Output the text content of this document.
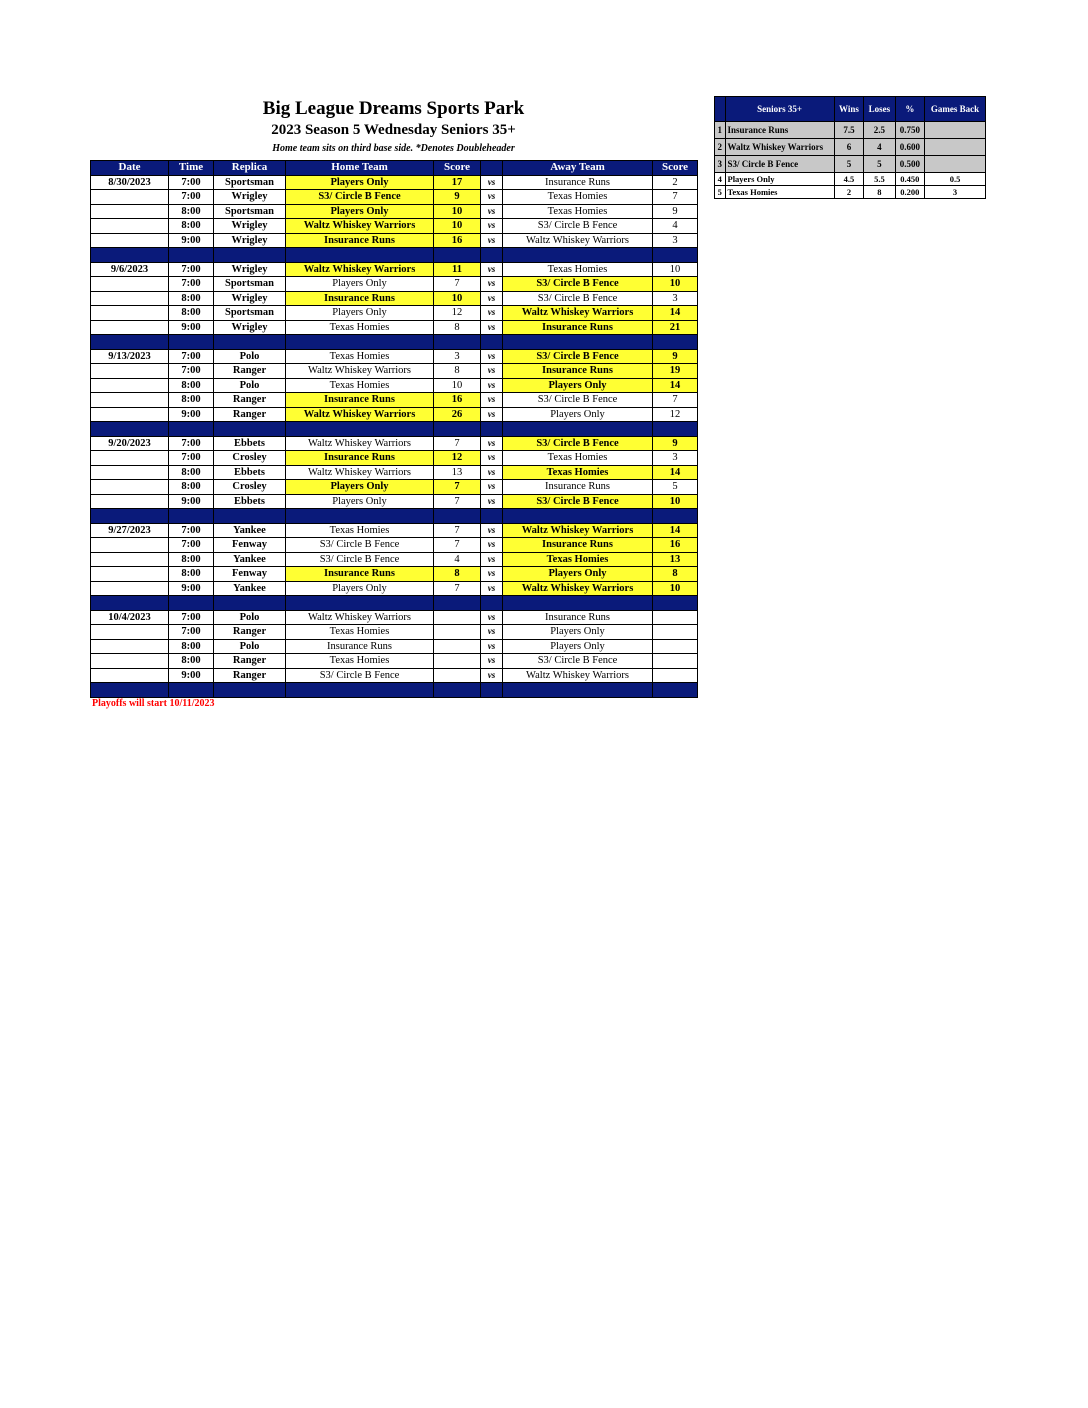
Big League Dreams Sports Park
2023 Season 5 Wednesday Seniors 35+
Home team sits on third base side. *Denotes Doubleheader
Date	Time	Replica	Home Team	Score		Away Team	Score
8/30/2023	7:00	Sportsman	Players Only	17	vs	Insurance Runs	2
	7:00	Wrigley	S3/ Circle B Fence	9	vs	Texas Homies	7
	8:00	Sportsman	Players Only	10	vs	Texas Homies	9
	8:00	Wrigley	Waltz Whiskey Warriors	10	vs	S3/ Circle B Fence	4
	9:00	Wrigley	Insurance Runs	16	vs	Waltz Whiskey Warriors	3

9/6/2023	7:00	Wrigley	Waltz Whiskey Warriors	11	vs	Texas Homies	10
	7:00	Sportsman	Players Only	7	vs	S3/ Circle B Fence	10
	8:00	Wrigley	Insurance Runs	10	vs	S3/ Circle B Fence	3
	8:00	Sportsman	Players Only	12	vs	Waltz Whiskey Warriors	14
	9:00	Wrigley	Texas Homies	8	vs	Insurance Runs	21

9/13/2023	7:00	Polo	Texas Homies	3	vs	S3/ Circle B Fence	9
	7:00	Ranger	Waltz Whiskey Warriors	8	vs	Insurance Runs	19
	8:00	Polo	Texas Homies	10	vs	Players Only	14
	8:00	Ranger	Insurance Runs	16	vs	S3/ Circle B Fence	7
	9:00	Ranger	Waltz Whiskey Warriors	26	vs	Players Only	12

9/20/2023	7:00	Ebbets	Waltz Whiskey Warriors	7	vs	S3/ Circle B Fence	9
	7:00	Crosley	Insurance Runs	12	vs	Texas Homies	3
	8:00	Ebbets	Waltz Whiskey Warriors	13	vs	Texas Homies	14
	8:00	Crosley	Players Only	7	vs	Insurance Runs	5
	9:00	Ebbets	Players Only	7	vs	S3/ Circle B Fence	10

9/27/2023	7:00	Yankee	Texas Homies	7	vs	Waltz Whiskey Warriors	14
	7:00	Fenway	S3/ Circle B Fence	7	vs	Insurance Runs	16
	8:00	Yankee	S3/ Circle B Fence	4	vs	Texas Homies	13
	8:00	Fenway	Insurance Runs	8	vs	Players Only	8
	9:00	Yankee	Players Only	7	vs	Waltz Whiskey Warriors	10

10/4/2023	7:00	Polo	Waltz Whiskey Warriors		vs	Insurance Runs	
	7:00	Ranger	Texas Homies		vs	Players Only	
	8:00	Polo	Insurance Runs		vs	Players Only	
	8:00	Ranger	Texas Homies		vs	S3/ Circle B Fence	
	9:00	Ranger	S3/ Circle B Fence		vs	Waltz Whiskey Warriors	

	Seniors 35+	Wins	Loses	%	Games Back
1	Insurance Runs	7.5	2.5	0.750	
2	Waltz Whiskey Warriors	6	4	0.600	
3	S3/ Circle B Fence	5	5	0.500	
4	Players Only	4.5	5.5	0.450	0.5
5	Texas Homies	2	8	0.200	3
Playoffs will start 10/11/2023
